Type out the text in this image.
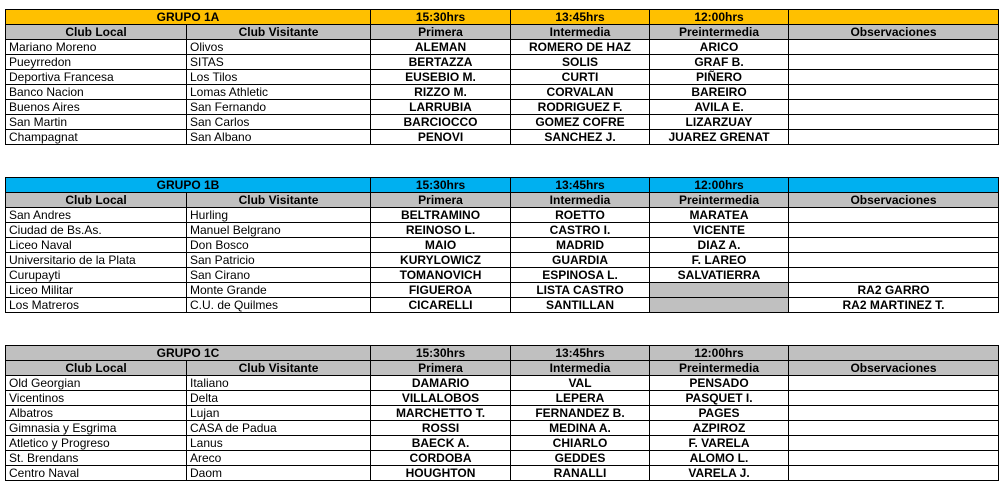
GRUPO 1A		15:30hrs	13:45hrs	12:00hrs	
Club Local	Club Visitante	Primera	Intermedia	Preintermedia	Observaciones
Mariano Moreno	Olivos	ALEMAN	ROMERO DE HAZ	ARICO	
Pueyrredon	SITAS	BERTAZZA	SOLIS	GRAF B.	
Deportiva Francesa	Los Tilos	EUSEBIO M.	CURTI	PIÑERO	
Banco Nacion	Lomas Athletic	RIZZO M.	CORVALAN	BAREIRO	
Buenos Aires	San Fernando	LARRUBIA	RODRIGUEZ F.	AVILA E.	
San Martin	San Carlos	BARCIOCCO	GOMEZ COFRE	LIZARZUAY	
Champagnat	San Albano	PENOVI	SANCHEZ J.	JUAREZ GRENAT	
GRUPO 1B		15:30hrs	13:45hrs	12:00hrs	
Club Local	Club Visitante	Primera	Intermedia	Preintermedia	Observaciones
San Andres	Hurling	BELTRAMINO	ROETTO	MARATEA	
Ciudad de Bs.As.	Manuel Belgrano	REINOSO L.	CASTRO I.	VICENTE	
Liceo Naval	Don Bosco	MAIO	MADRID	DIAZ A.	
Universitario de la Plata	San Patricio	KURYLOWICZ	GUARDIA	F. LAREO	
Curupayti	San Cirano	TOMANOVICH	ESPINOSA L.	SALVATIERRA	
Liceo Militar	Monte Grande	FIGUEROA	LISTA CASTRO		RA2 GARRO
Los Matreros	C.U. de Quilmes	CICARELLI	SANTILLAN		RA2 MARTINEZ T.
GRUPO 1C		15:30hrs	13:45hrs	12:00hrs	
Club Local	Club Visitante	Primera	Intermedia	Preintermedia	Observaciones
Old Georgian	Italiano	DAMARIO	VAL	PENSADO	
Vicentinos	Delta	VILLALOBOS	LEPERA	PASQUET I.	
Albatros	Lujan	MARCHETTO T.	FERNANDEZ B.	PAGES	
Gimnasia y Esgrima	CASA de Padua	ROSSI	MEDINA A.	AZPIROZ	
Atletico y Progreso	Lanus	BAECK A.	CHIARLO	F. VARELA	
St. Brendans	Areco	CORDOBA	GEDDES	ALOMO L.	
Centro Naval	Daom	HOUGHTON	RANALLI	VARELA J.	
